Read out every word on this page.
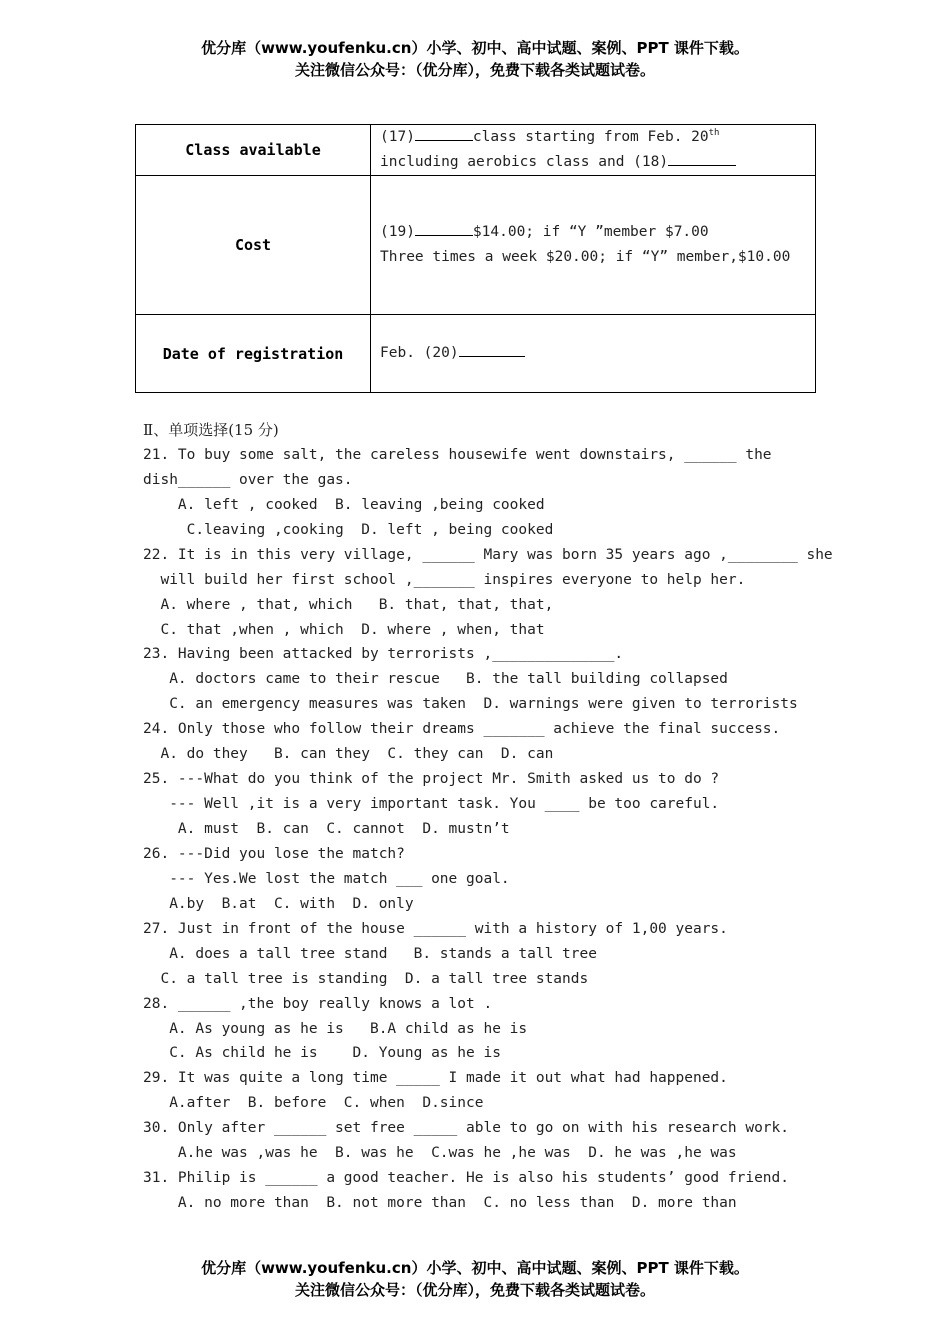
优分库（www.youfenku.cn）小学、初中、高中试题、案例、PPT 课件下载。
关注微信公众号：（优分库），免费下载各类试题试卷。
Class available	(17) class starting from Feb. 20th
including aerobics class and (18)

Cost	(19) $14.00; if “Y ”member $7.00
Three times a week $20.00; if “Y” member,$10.00

Date of registration	Feb. (20)
Ⅱ、单项选择(15 分)
21. To buy some salt, the careless housewife went downstairs, ______ the
dish______ over the gas.
A. left , cooked  B. leaving ,being cooked
C.leaving ,cooking  D. left , being cooked
22. It is in this very village, ______ Mary was born 35 years ago ,________ she
will build her first school ,_______ inspires everyone to help her.
A. where , that, which   B. that, that, that,
C. that ,when , which  D. where , when, that
23. Having been attacked by terrorists ,______________.
A. doctors came to their rescue   B. the tall building collapsed
C. an emergency measures was taken  D. warnings were given to terrorists
24. Only those who follow their dreams _______ achieve the final success.
A. do they   B. can they  C. they can  D. can
25. ---What do you think of the project Mr. Smith asked us to do ?
--- Well ,it is a very important task. You ____ be too careful.
A. must  B. can  C. cannot  D. mustn’t
26. ---Did you lose the match?
--- Yes.We lost the match ___ one goal.
A.by  B.at  C. with  D. only
27. Just in front of the house ______ with a history of 1,00 years.
A. does a tall tree stand   B. stands a tall tree
C. a tall tree is standing  D. a tall tree stands
28. ______ ,the boy really knows a lot .
A. As young as he is   B.A child as he is
C. As child he is    D. Young as he is
29. It was quite a long time _____ I made it out what had happened.
A.after  B. before  C. when  D.since
30. Only after ______ set free _____ able to go on with his research work.
A.he was ,was he  B. was he  C.was he ,he was  D. he was ,he was
31. Philip is ______ a good teacher. He is also his students’ good friend.
A. no more than  B. not more than  C. no less than  D. more than
优分库（www.youfenku.cn）小学、初中、高中试题、案例、PPT 课件下载。
关注微信公众号：（优分库），免费下载各类试题试卷。
